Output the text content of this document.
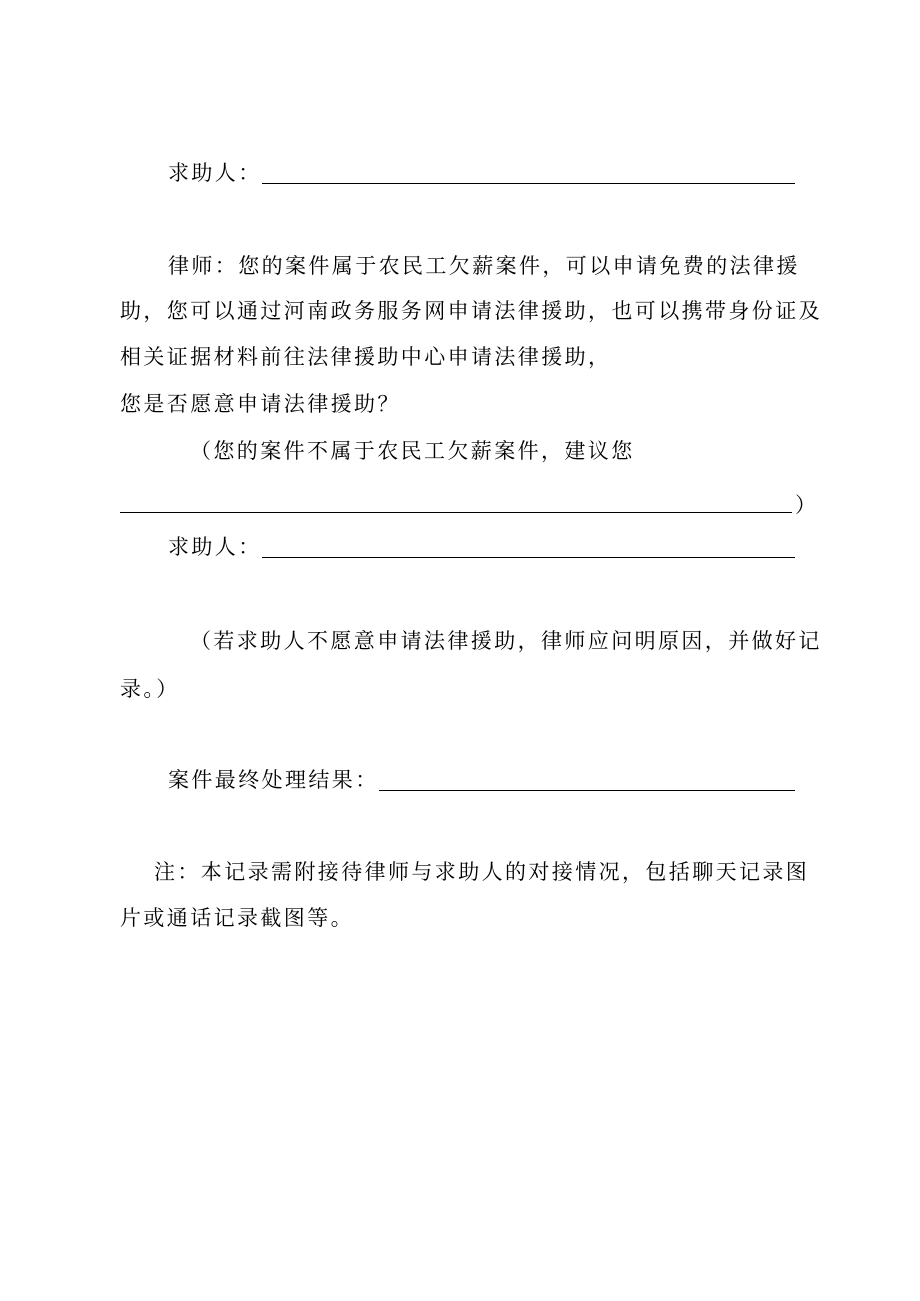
求助人：
律师：您的案件属于农民工欠薪案件，可以申请免费的法律援
助，您可以通过河南政务服务网申请法律援助，也可以携带身份证及
相关证据材料前往法律援助中心申请法律援助，
您是否愿意申请法律援助？
（您的案件不属于农民工欠薪案件，建议您
）
求助人：
（若求助人不愿意申请法律援助，律师应问明原因，并做好记
录。）
案件最终处理结果：
注：本记录需附接待律师与求助人的对接情况，包括聊天记录图
片或通话记录截图等。
